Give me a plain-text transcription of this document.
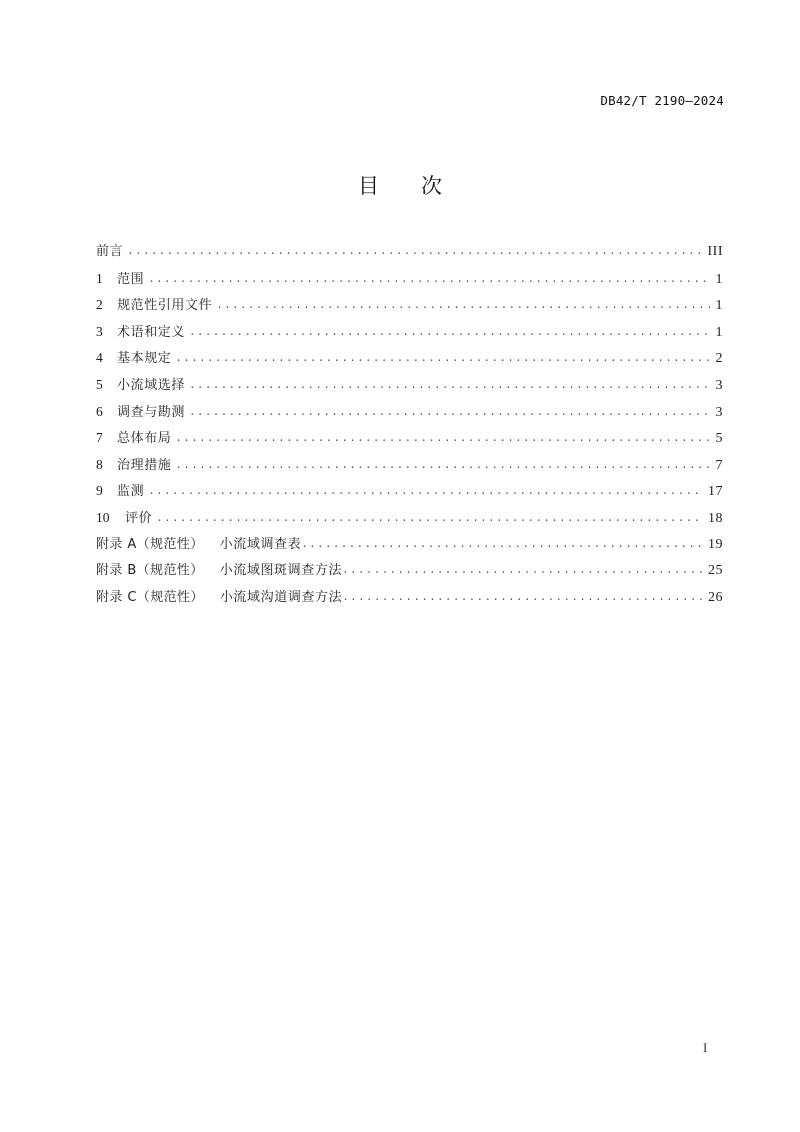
DB42/T 2190—2024
目 次
前言 .....	III
1	范围 .....	1
2	规范性引用文件 .....	1
3	术语和定义 .....	1
4	基本规定 .....	2
5	小流域选择 .....	3
6	调查与勘测 .....	3
7	总体布局 .....	5
8	治理措施 .....	7
9	监测 .....	17
10	评价 .....	18
附录 A（规范性） 小流域调查表 .....	19
附录 B（规范性） 小流域图斑调查方法 .....	25
附录 C（规范性） 小流域沟道调查方法 .....	26
I
